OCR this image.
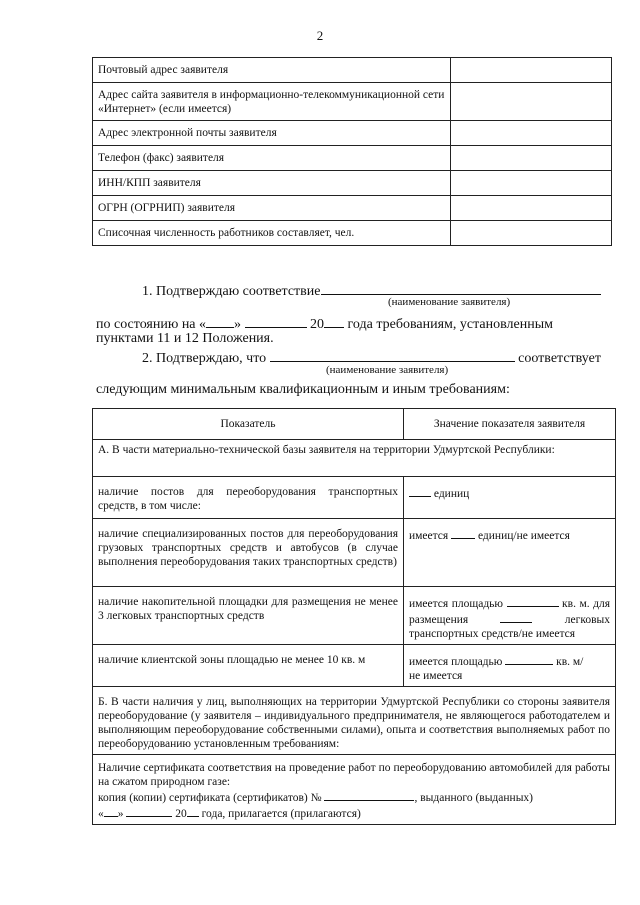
2
Почтовый адрес заявителя	
Адрес сайта заявителя в информационно-телекоммуникационной сети «Интернет» (если имеется)	
Адрес электронной почты заявителя	
Телефон (факс) заявителя	
ИНН/КПП заявителя	
ОГРН (ОГРНИП) заявителя	
Списочная численность работников составляет, чел.	
1. Подтверждаю соответствие
(наименование заявителя)
по состоянию на « »	20 года требованиям, установленным
пунктами 11 и 12 Положения.
2. Подтверждаю, что	соответствует
(наименование заявителя)
следующим минимальным квалификационным и иным требованиям:
Показатель	Значение показателя заявителя
А. В части материально-технической базы заявителя на территории Удмуртской Республики:	
наличие постов для переоборудования транспортных средств, в том числе:	единиц
наличие специализированных постов для переоборудования грузовых транспортных средств и автобусов (в случае выполнения переоборудования таких транспортных средств)	имеется единиц/не имеется
наличие накопительной площадки для размещения не менее 3 легковых транспортных средств	имеется площадью кв. м. для размещения легковых транспортных средств/не имеется
наличие клиентской зоны площадью не менее 10 кв. м	имеется площадью кв. м/
не имеется
Б. В части наличия у лиц, выполняющих на территории Удмуртской Республики со стороны заявителя переоборудование (у заявителя – индивидуального предпринимателя, не являющегося работодателем и выполняющим переоборудование собственными силами), опыта и соответствия выполняемых работ по переоборудованию установленным требованиям:	

Наличие сертификата соответствия на проведение работ по переоборудованию автомобилей для работы на сжатом природном газе:
копия (копии) сертификата (сертификатов) № , выданного (выданных)
« » 20 года, прилагается (прилагаются)	
